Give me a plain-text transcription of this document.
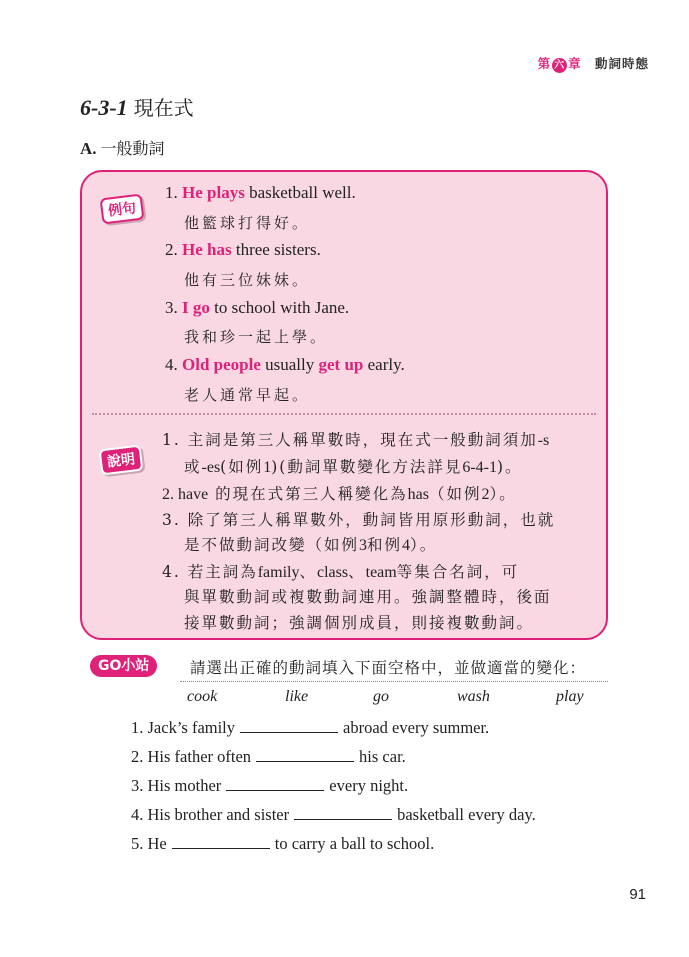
第 六 章 動詞時態
6-3-1 現在式
A. 一般動詞
例句
1. He plays basketball well.
他籃球打得好。
2. He has three sisters.
他有三位妹妹。
3. I go to school with Jane.
我和珍一起上學。
4. Old people usually get up early.
老人通常早起。
說明
1. 主詞是第三人稱單數時，現在式一般動詞須加-s
或-es(如例1)(動詞單數變化方法詳見6-4-1)。
2. have 的現在式第三人稱變化為has（如例2）。
3. 除了第三人稱單數外，動詞皆用原形動詞，也就
是不做動詞改變（如例3和例4）。
4. 若主詞為family、class、team等集合名詞，可
與單數動詞或複數動詞連用。強調整體時，後面
接單數動詞；強調個別成員，則接複數動詞。
GO小站	請選出正確的動詞填入下面空格中，並做適當的變化：
cook	like	go	wash	play
1. Jack’s family	abroad every summer.
2. His father often	his car.
3. His mother	every night.
4. His brother and sister	basketball every day.
5. He	to carry a ball to school.
91
